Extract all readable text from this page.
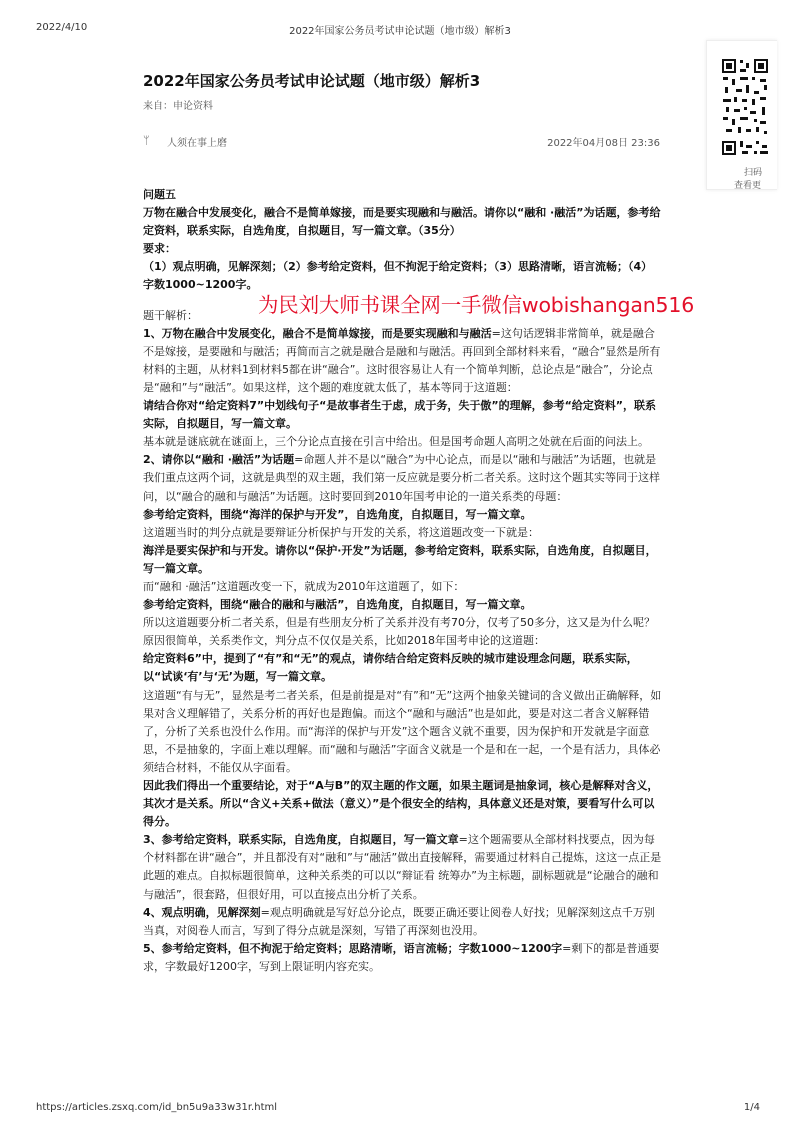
2022/4/10	2022年国家公务员考试申论试题（地市级）解析3
https://articles.zsxq.com/id_bn5u9a33w31r.html	1/4
2022年国家公务员考试申论试题（地市级）解析3
来自：申论资料
ᛘ 人须在事上磨	2022年04月08日 23:36
扫码
查看更

问题五

万物在融合中发展变化，融合不是简单嫁接，而是要实现融和与融活。请你以“融和 ·融活”为话题，参考给定资料，联系实际，自选角度，自拟题目，写一篇文章。（35分）

要求：

（1）观点明确，见解深刻；（2）参考给定资料，但不拘泥于给定资料；（3）思路清晰，语言流畅；（4）字数1000~1200字。

题干解析：

1、万物在融合中发展变化，融合不是简单嫁接，而是要实现融和与融活=这句话逻辑非常简单，就是融合不是嫁接，是要融和与融活；再简而言之就是融合是融和与融活。再回到全部材料来看，“融合”显然是所有材料的主题，从材料1到材料5都在讲“融合”。这时很容易让人有一个简单判断，总论点是“融合”，分论点是“融和”与“融活”。如果这样，这个题的难度就太低了，基本等同于这道题：

请结合你对“给定资料7”中划线句子“是故事者生于虑，成于务，失于傲”的理解，参考“给定资料”，联系实际，自拟题目，写一篇文章。

基本就是谜底就在谜面上，三个分论点直接在引言中给出。但是国考命题人高明之处就在后面的问法上。

2、请你以“融和 ·融活”为话题=命题人并不是以“融合”为中心论点，而是以“融和与融活”为话题，也就是我们重点这两个词，这就是典型的双主题，我们第一反应就是要分析二者关系。这时这个题其实等同于这样问，以“融合的融和与融活”为话题。这时要回到2010年国考申论的一道关系类的母题：

参考给定资料，围绕“海洋的保护与开发”，自选角度，自拟题目，写一篇文章。

这道题当时的判分点就是要辩证分析保护与开发的关系，将这道题改变一下就是：

海洋是要实保护和与开发。请你以“保护·开发”为话题，参考给定资料，联系实际，自选角度，自拟题目，写一篇文章。

而“融和 ·融活”这道题改变一下，就成为2010年这道题了，如下：

参考给定资料，围绕“融合的融和与融活”，自选角度，自拟题目，写一篇文章。

所以这道题要分析二者关系，但是有些朋友分析了关系并没有考70分，仅考了50多分，这又是为什么呢？原因很简单，关系类作文，判分点不仅仅是关系，比如2018年国考申论的这道题：

给定资料6”中，提到了“有”和“无”的观点，请你结合给定资料反映的城市建设理念问题，联系实际，以“试谈‘有’与‘无’为题，写一篇文章。

这道题“有与无”，显然是考二者关系，但是前提是对“有”和“无”这两个抽象关键词的含义做出正确解释，如果对含义理解错了，关系分析的再好也是跑偏。而这个“融和与融活”也是如此，要是对这二者含义解释错了，分析了关系也没什么作用。而“海洋的保护与开发”这个题含义就不重要，因为保护和开发就是字面意思，不是抽象的，字面上难以理解。而“融和与融活”字面含义就是一个是和在一起，一个是有活力，具体必须结合材料，不能仅从字面看。

因此我们得出一个重要结论，对于“A与B”的双主题的作文题，如果主题词是抽象词，核心是解释对含义，其次才是关系。所以“含义+关系+做法（意义）”是个很安全的结构，具体意义还是对策，要看写什么可以得分。

3、参考给定资料，联系实际，自选角度，自拟题目，写一篇文章=这个题需要从全部材料找要点，因为每个材料都在讲“融合”，并且都没有对“融和”与“融活”做出直接解释，需要通过材料自己提炼，这这一点正是此题的难点。自拟标题很简单，这种关系类的可以以“辩证看 统筹办”为主标题，副标题就是“论融合的融和与融活”，很套路，但很好用，可以直接点出分析了关系。

4、观点明确，见解深刻=观点明确就是写好总分论点，既要正确还要让阅卷人好找；见解深刻这点千万别当真，对阅卷人而言，写到了得分点就是深刻，写错了再深刻也没用。

5、参考给定资料，但不拘泥于给定资料；思路清晰，语言流畅；字数1000~1200字=剩下的都是普通要求，字数最好1200字，写到上限证明内容充实。

为民刘大师书课全网一手微信wobishangan516
